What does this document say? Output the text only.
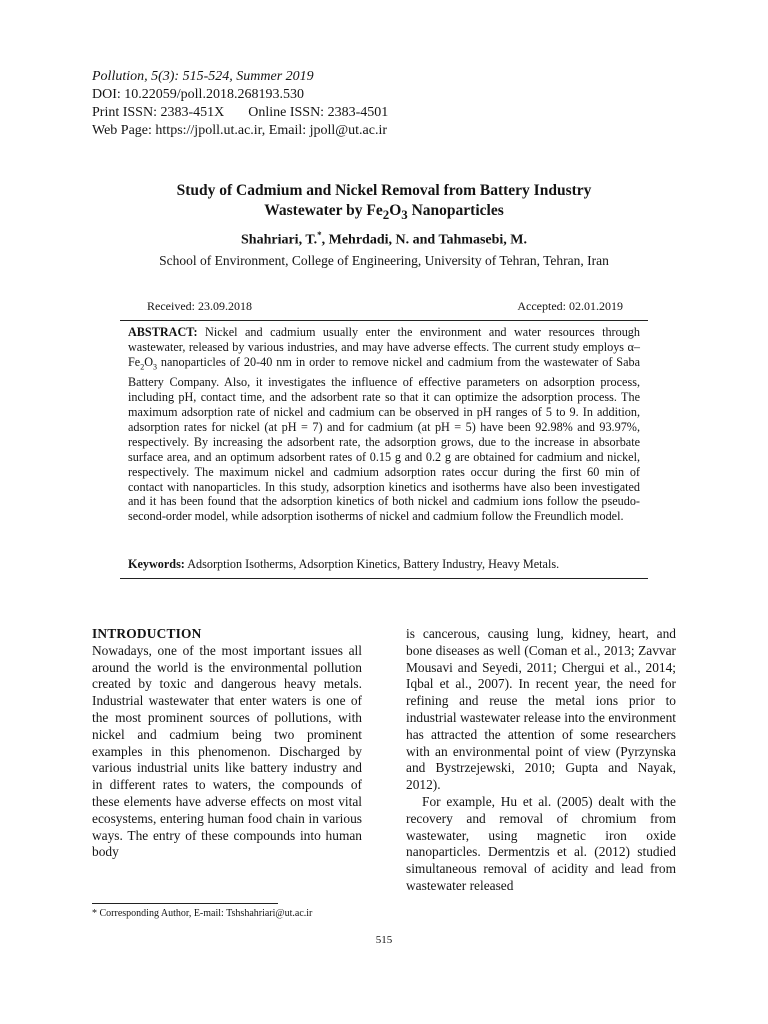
Pollution, 5(3): 515-524, Summer 2019
DOI: 10.22059/poll.2018.268193.530
Print ISSN: 2383-451X Online ISSN: 2383-4501
Web Page: https://jpoll.ut.ac.ir, Email: jpoll@ut.ac.ir
Study of Cadmium and Nickel Removal from Battery Industry
Wastewater by $Fe_2O_3$ Nanoparticles
Shahriari, T.*, Mehrdadi, N. and Tahmasebi, M.
School of Environment, College of Engineering, University of Tehran, Tehran, Iran
Received: 23.09.2018	Accepted: 02.01.2019
ABSTRACT: Nickel and cadmium usually enter the environment and water resources through wastewater, released by various industries, and may have adverse effects. The current study employs $\alpha-Fe_2O_3$ nanoparticles of 20-40 nm in order to remove nickel and cadmium from the wastewater of Saba Battery Company. Also, it investigates the influence of effective parameters on adsorption process, including pH, contact time, and the adsorbent rate so that it can optimize the adsorption process. The maximum adsorption rate of nickel and cadmium can be observed in pH ranges of 5 to 9. In addition, adsorption rates for nickel (at pH = 7) and for cadmium (at pH = 5) have been 92.98% and 93.97%, respectively. By increasing the adsorbent rate, the adsorption grows, due to the increase in absorbate surface area, and an optimum adsorbent rates of 0.15 g and 0.2 g are obtained for cadmium and nickel, respectively. The maximum nickel and cadmium adsorption rates occur during the first 60 min of contact with nanoparticles. In this study, adsorption kinetics and isotherms have also been investigated and it has been found that the adsorption kinetics of both nickel and cadmium ions follow the pseudo-second-order model, while adsorption isotherms of nickel and cadmium follow the Freundlich model.
Keywords: Adsorption Isotherms, Adsorption Kinetics, Battery Industry, Heavy Metals.
INTRODUCTION

Nowadays, one of the most important issues all around the world is the environmental pollution created by toxic and dangerous heavy metals. Industrial wastewater that enter waters is one of the most prominent sources of pollutions, with nickel and cadmium being two prominent examples in this phenomenon. Discharged by various industrial units like battery industry and in different rates to waters, the compounds of these elements have adverse effects on most vital ecosystems, entering human food chain in various ways. The entry of these compounds into human body

is cancerous, causing lung, kidney, heart, and bone diseases as well (Coman et al., 2013; Zavvar Mousavi and Seyedi, 2011; Chergui et al., 2014; Iqbal et al., 2007). In recent year, the need for refining and reuse the metal ions prior to industrial wastewater release into the environment has attracted the attention of some researchers with an environmental point of view (Pyrzynska and Bystrzejewski, 2010; Gupta and Nayak, 2012).

For example, Hu et al. (2005) dealt with the recovery and removal of chromium from wastewater, using magnetic iron oxide nanoparticles. Dermentzis et al. (2012) studied simultaneous removal of acidity and lead from wastewater released

* Corresponding Author, E-mail: Tshshahriari@ut.ac.ir
515
